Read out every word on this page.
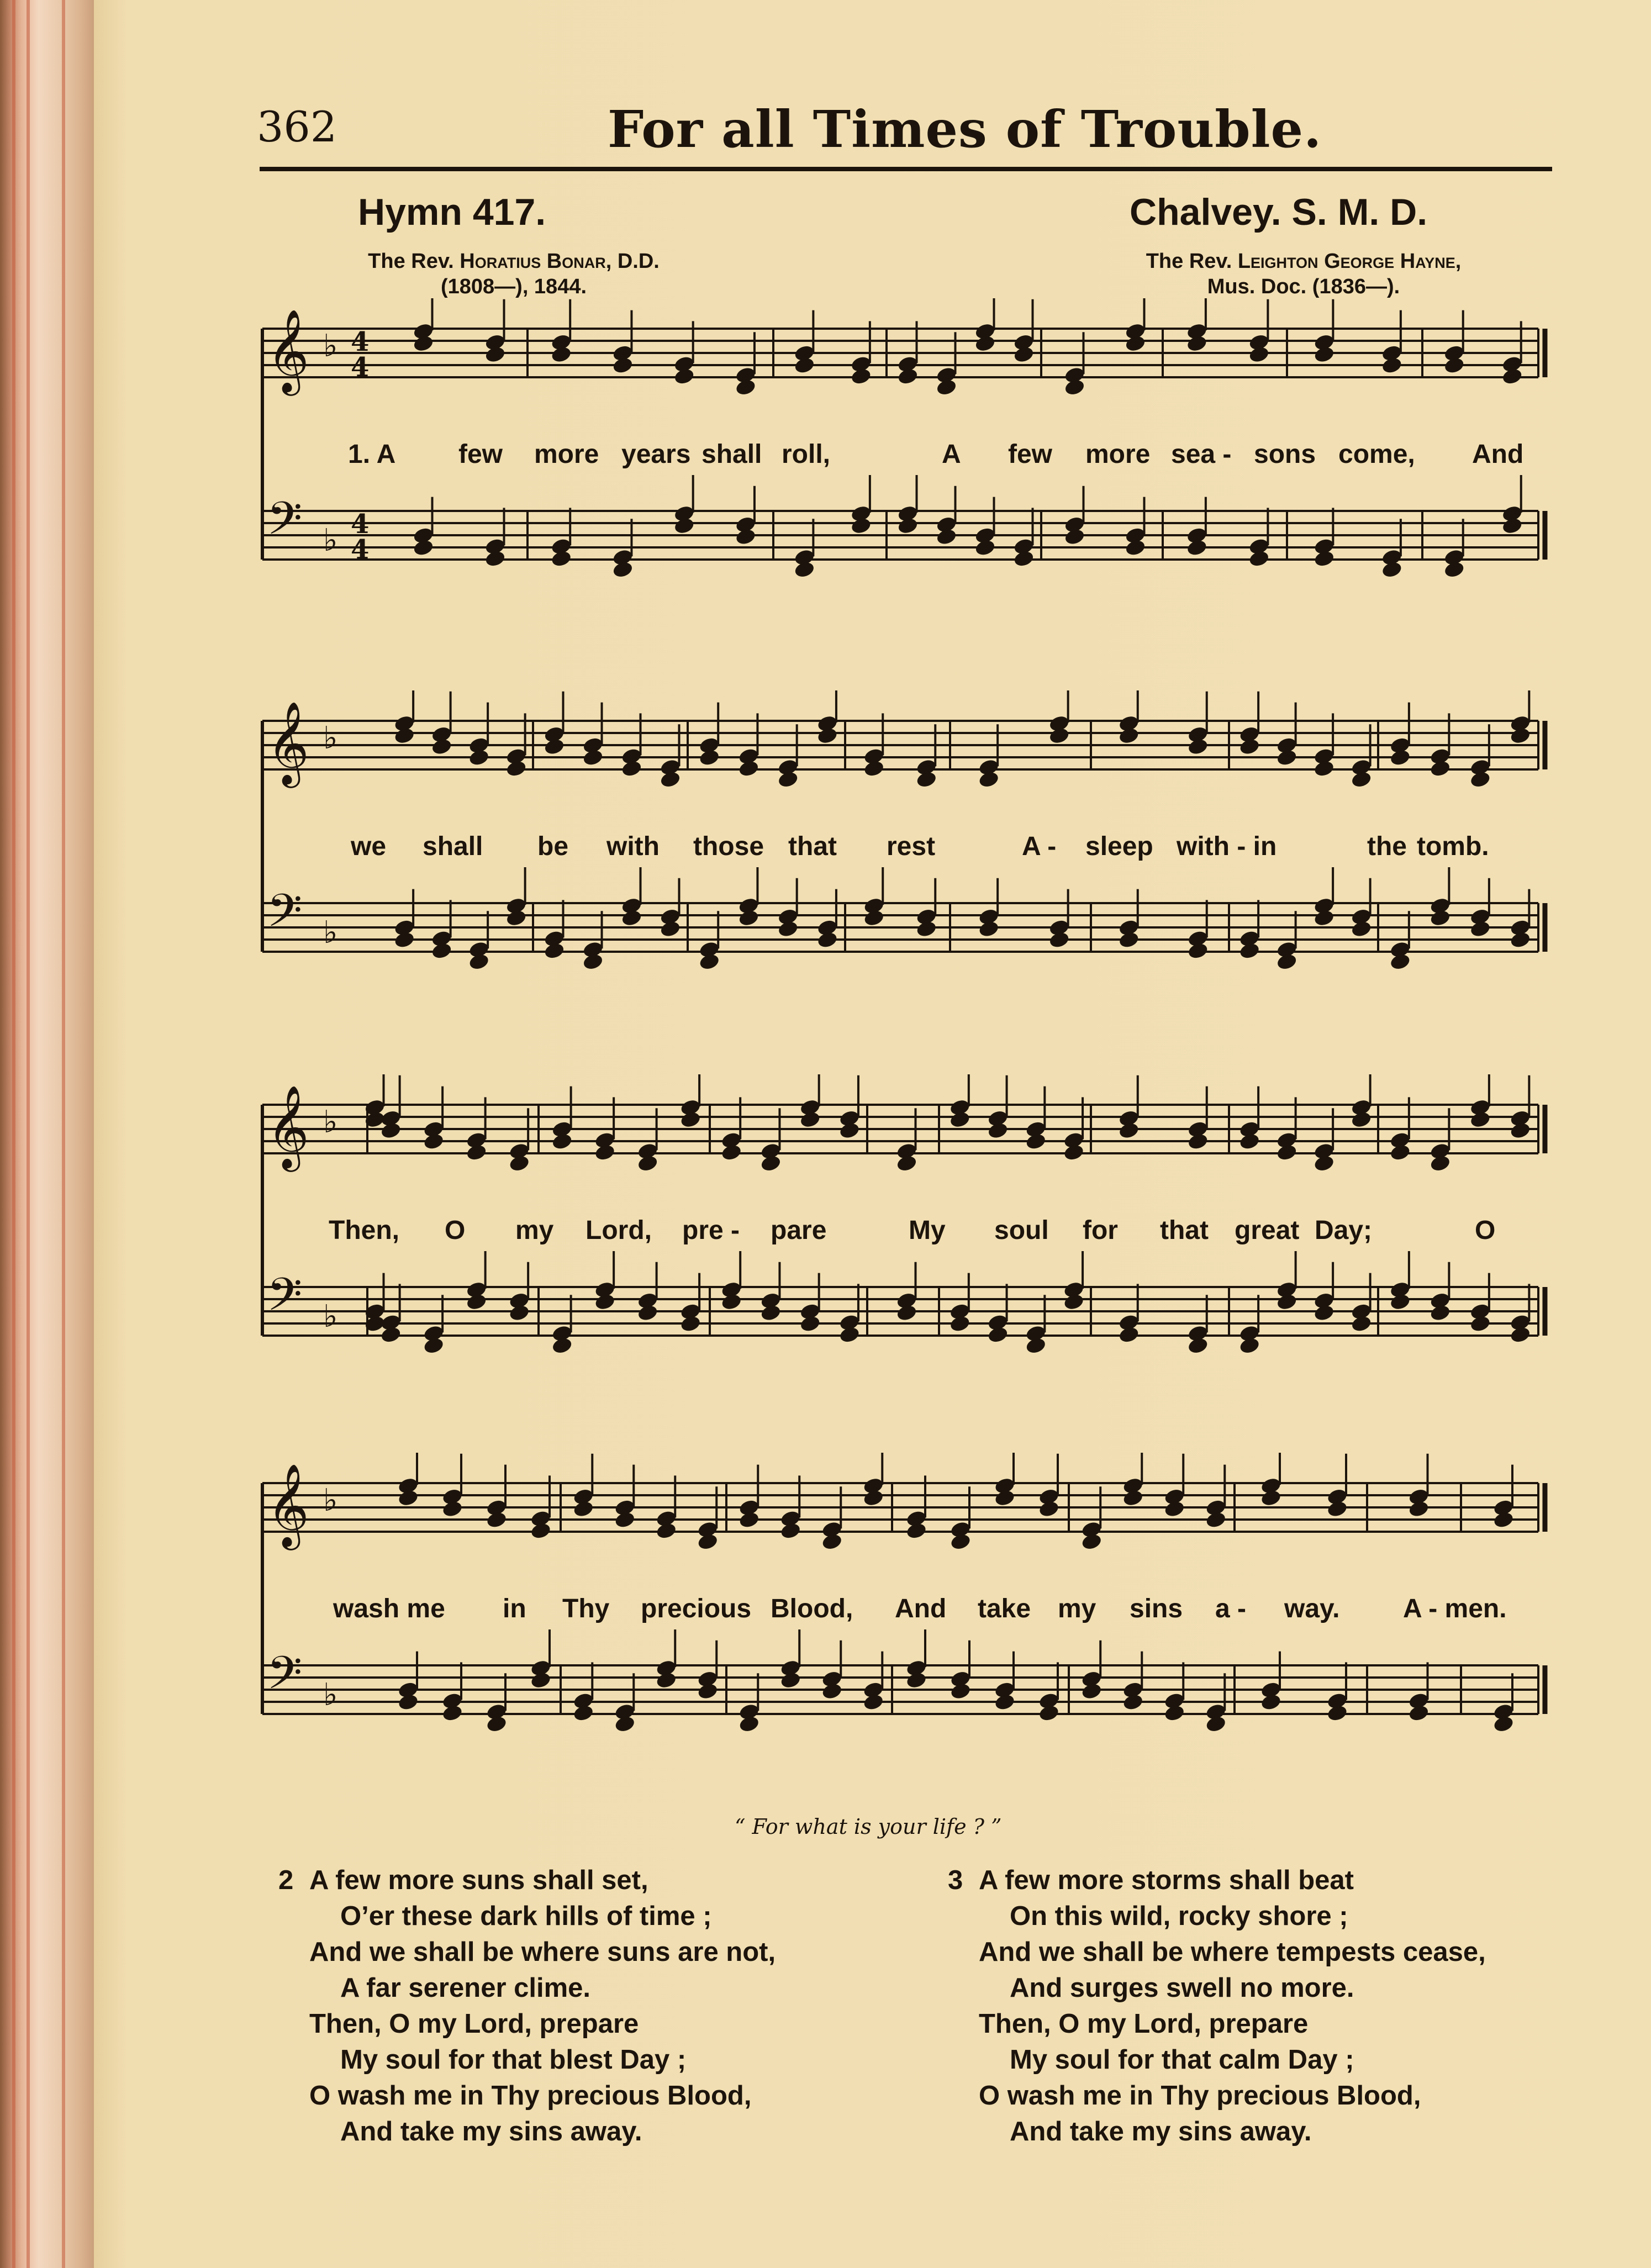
362	For all Times of Trouble.
Hymn 417.	Chalvey. S. M. D.
The Rev. Horatius Bonar, D.D.
(1808—), 1844.
The Rev. Leighton George Hayne,
Mus. Doc. (1836—).
𝄞 ♭ 4
4
𝄢 ♭ 4
4
1. A few more years shall roll,	A few more sea - sons come, And
𝄞 ♭
𝄢 ♭
we shall be with those that rest	A - sleep with - in	the tomb.
𝄞 ♭
𝄢 ♭
Then, O my Lord, pre - pare	My soul for that great Day;	O
𝄞 ♭
𝄢 ♭
wash me in Thy precious Blood, And take my sins a - way. A - men.
“ For what is your life ? ”
2 A few more suns shall set,
O’er these dark hills of time ;
And we shall be where suns are not,
A far serener clime.
Then, O my Lord, prepare
My soul for that blest Day ;
O wash me in Thy precious Blood,
And take my sins away.
3 A few more storms shall beat
On this wild, rocky shore ;
And we shall be where tempests cease,
And surges swell no more.
Then, O my Lord, prepare
My soul for that calm Day ;
O wash me in Thy precious Blood,
And take my sins away.
